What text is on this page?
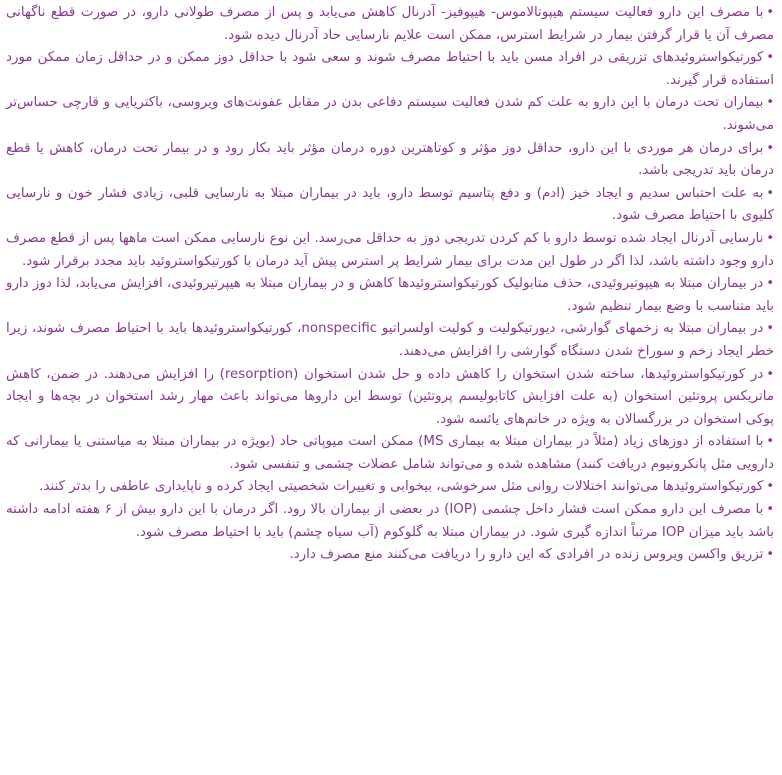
•با مصرف این دارو فعالیت سیستم هیپوتالاموس- هیپوفیز- آدرنال کاهش می‌یابد و پس از مصرف طولانی دارو، در صورت قطع ناگهانی مصرف آن یا قرار گرفتن بیمار در شرایط استرس، ممکن است علایم نارسایی حاد آدرنال دیده شود.

•کورتیکواستروئیدهای تزریقی در افراد مسن باید با احتیاط مصرف شوند و سعی شود با حداقل دوز ممکن و در حداقل زمان ممکن مورد استفاده قرار گیرند.

•بیماران تحت درمان با این دارو به علت کم شدن فعالیت سیستم دفاعی بدن در مقابل عفونت‌های ویروسی، باکتریایی و قارچی حساس‌تر می‌شوند.

•برای درمان هر موردی با این دارو، حداقل دوز مؤثر و کوتاهترین دوره درمان مؤثر باید بکار رود و در بیمار تحت درمان، کاهش یا قطع درمان باید تدریجی باشد.

•به علت احتباس سدیم و ایجاد خیز (ادم) و دفع پتاسیم توسط دارو، باید در بیماران مبتلا به نارسایی قلبی، زیادی فشار خون و نارسایی کلیوی با احتیاط مصرف شود.

•نارسایی آدرنال ایجاد شده توسط دارو با کم کردن تدریجی دوز به حداقل می‌رسد. این نوع نارسایی ممکن است ماهها پس از قطع مصرف دارو وجود داشته باشد، لذا اگر در طول این مدت برای بیمار شرایط پر استرس پیش آید درمان با کورتیکواستروئید باید مجدد برقرار شود.

•در بیماران مبتلا به هیپوتیروئیدی، حذف متابولیک کورتیکواستروئیدها کاهش و در بیماران مبتلا به هیپرتیروئیدی، افزایش می‌یابد، لذا دوز دارو باید متناسب با وضع بیمار تنظیم شود.

•در بیماران مبتلا به زخمهای گوارشی، دیورتیکولیت و کولیت اولسراتیو nonspecific، کورتیکواستروئیدها باید با احتیاط مصرف شوند، زیرا خطر ایجاد زخم و سوراخ شدن دستگاه گوارشی را افزایش می‌دهند.

•در کورتیکواستروئیدها، ساخته شدن استخوان را کاهش داده و حل شدن استخوان (resorption) را افزایش می‌دهند. در ضمن، کاهش ماتریکس پروتئین استخوان (به علت افزایش کاتابولیسم پروتئین) توسط این داروها می‌تواند باعث مهار رشد استخوان در بچه‌ها و ایجاد پوکی استخوان در بزرگسالان به ویژه در خانم‌های یائسه شود.

•با استفاده از دوزهای زیاد (مثلاً در بیماران مبتلا به بیماری MS) ممکن است میوپاتی حاد (بویژه در بیماران مبتلا به میاستنی یا بیمارانی که دارویی مثل پانکرونیوم دریافت کنند) مشاهده شده و می‌تواند شامل عضلات چشمی و تنفسی شود.

•کورتیکواستروئیدها می‌توانند اختلالات روانی مثل سرخوشی، بیخوابی و تغییرات شخصیتی ایجاد کرده و ناپایداری عاطفی را بدتر کنند.

•با مصرف این دارو ممکن است فشار داخل چشمی (IOP) در بعضی از بیماران بالا رود. اگر درمان با این دارو بیش از ۶ هفته ادامه داشته باشد باید میزان IOP مرتباً اندازه گیری شود. در بیماران مبتلا به گلوکوم (آب سیاه چشم) باید با احتیاط مصرف شود.

•تزریق واکسن ویروس زنده در افرادی که این دارو را دریافت می‌کنند منع مصرف دارد.
